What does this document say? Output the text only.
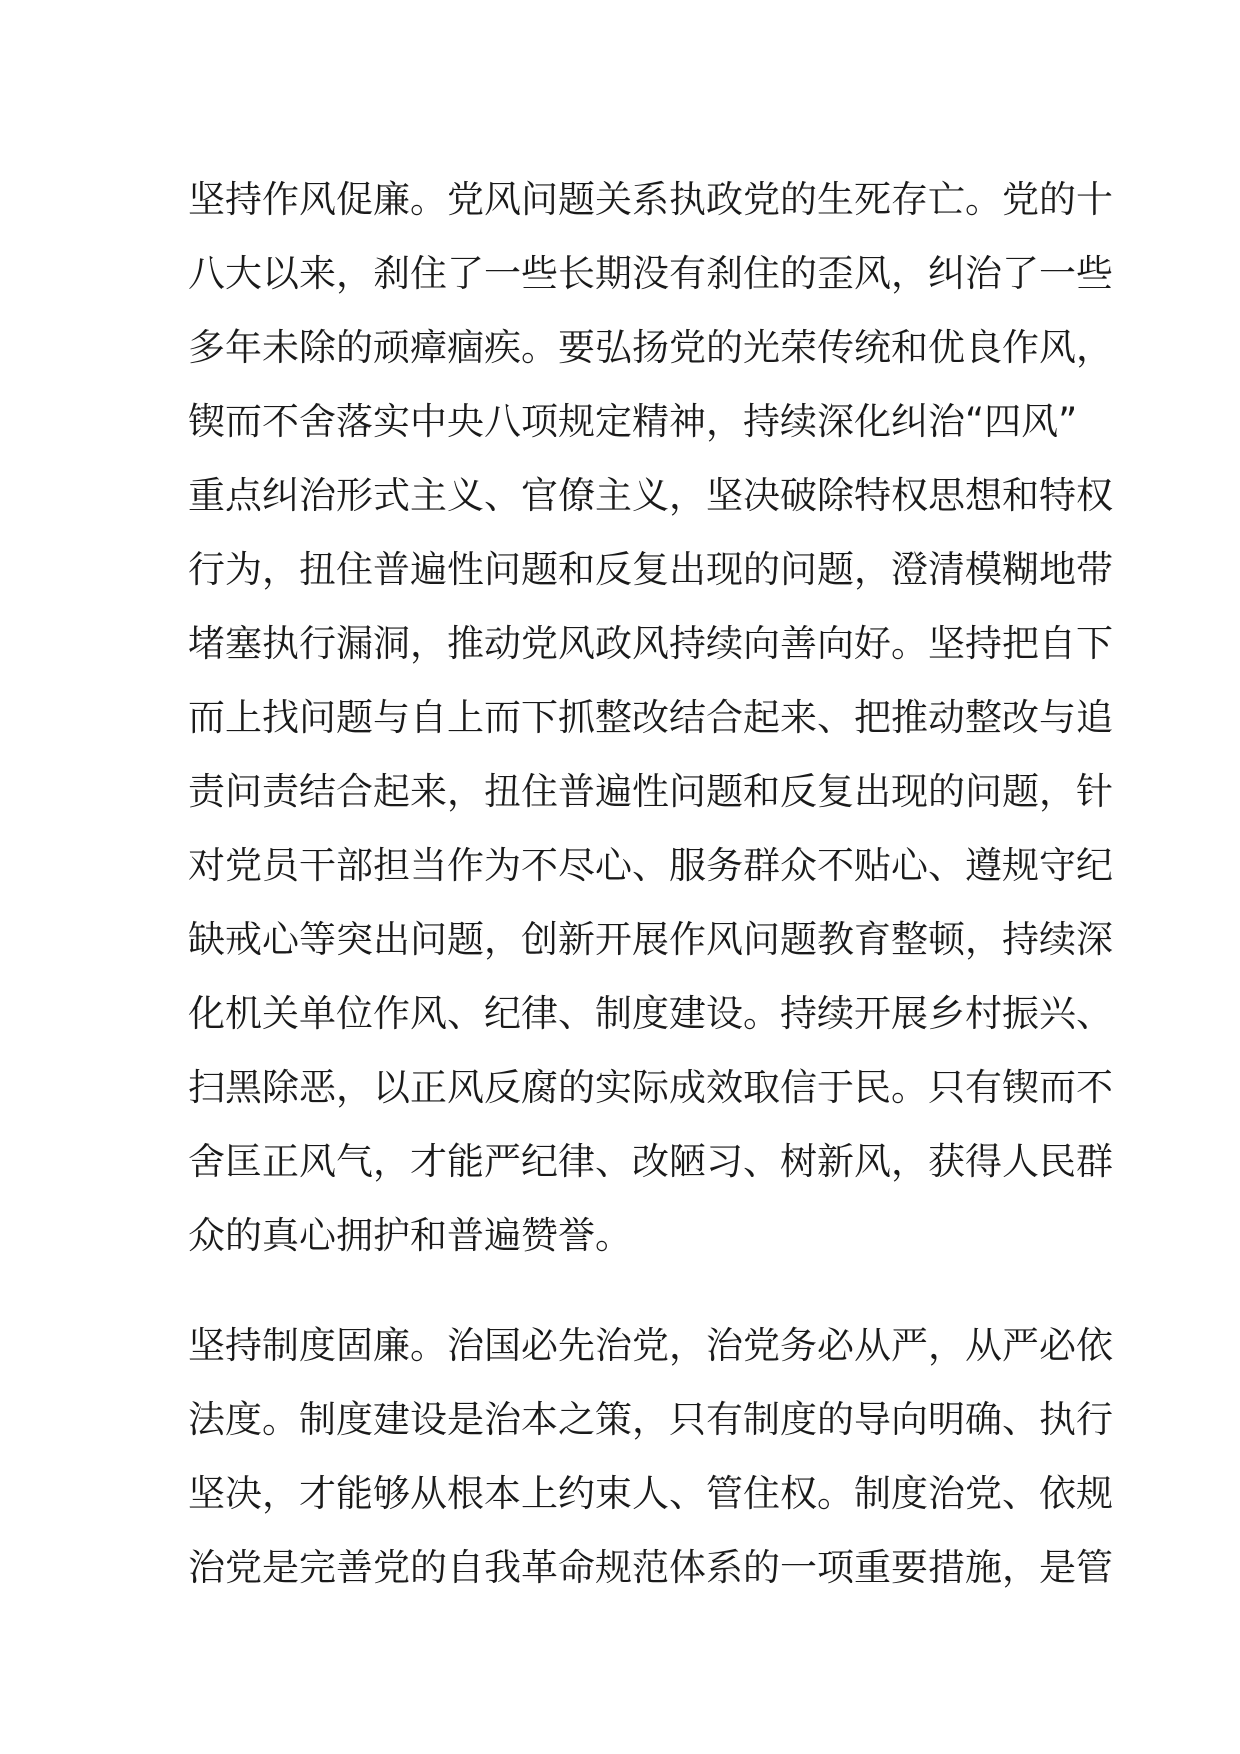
坚持作风促廉。党风问题关系执政党的生死存亡。党的十
八大以来，刹住了一些长期没有刹住的歪风，纠治了一些
多年未除的顽瘴痼疾。要弘扬党的光荣传统和优良作风，
锲而不舍落实中央八项规定精神，持续深化纠治“四风”
重点纠治形式主义、官僚主义，坚决破除特权思想和特权
行为，扭住普遍性问题和反复出现的问题，澄清模糊地带
堵塞执行漏洞，推动党风政风持续向善向好。坚持把自下
而上找问题与自上而下抓整改结合起来、把推动整改与追
责问责结合起来，扭住普遍性问题和反复出现的问题，针
对党员干部担当作为不尽心、服务群众不贴心、遵规守纪
缺戒心等突出问题，创新开展作风问题教育整顿，持续深
化机关单位作风、纪律、制度建设。持续开展乡村振兴、
扫黑除恶，以正风反腐的实际成效取信于民。只有锲而不
舍匡正风气，才能严纪律、改陋习、树新风，获得人民群
众的真心拥护和普遍赞誉。
坚持制度固廉。治国必先治党，治党务必从严，从严必依
法度。制度建设是治本之策，只有制度的导向明确、执行
坚决，才能够从根本上约束人、管住权。制度治党、依规
治党是完善党的自我革命规范体系的一项重要措施，是管
